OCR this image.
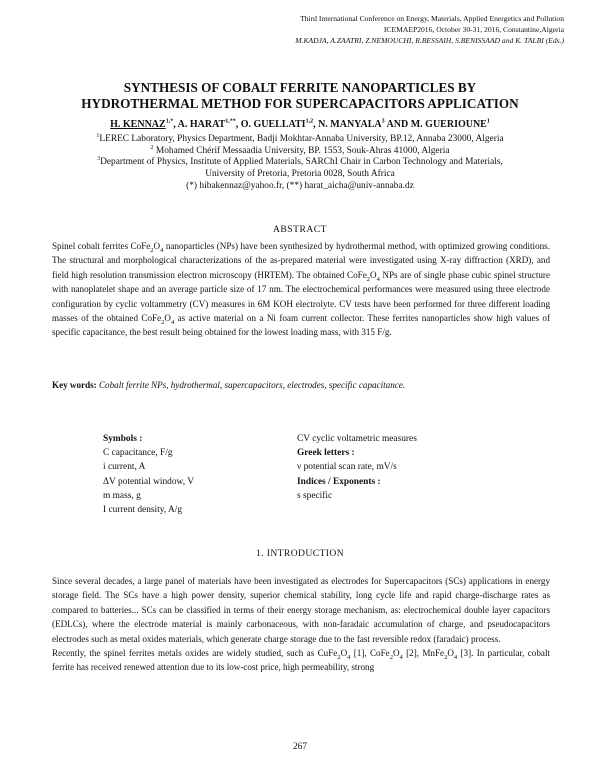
Third International Conference on Energy, Materials, Applied Energetics and Pollution
ICEMAEP2016, October 30-31, 2016, Constantine,Algeria
M.KADJA, A.ZAATRI, Z.NEMOUCHI, R.BESSAIH, S.BENISSAAD and K. TALBI (Eds.)
SYNTHESIS OF COBALT FERRITE NANOPARTICLES BY
HYDROTHERMAL METHOD FOR SUPERCAPACITORS APPLICATION
H. $KENNAZ^{1,*}$, A. $HARAT^{1,**}$, O. GUELLATI$^{1,2}$, N. MANYALA$^3$ AND M. GUERIOUNE$^1$
$^1$LEREC Laboratory, Physics Department, Badji Mokhtar-Annaba University, BP.12, Annaba 23000, Algeria
$^2$ Mohamed Chérif Messaadia University, BP. 1553, Souk-Ahras 41000, Algeria
$^3$Department of Physics, Institute of Applied Materials, SARChI Chair in Carbon Technology and Materials,
University of Pretoria, Pretoria 0028, South Africa
(*) hibakennaz@yahoo.fr, (**) harat_aicha@univ-annaba.dz
ABSTRACT
Spinel cobalt ferrites $CoFe_2O_4$ nanoparticles (NPs) have been synthesized by hydrothermal method, with optimized growing conditions. The structural and morphological characterizations of the as-prepared material were investigated using X-ray diffraction (XRD), and field high resolution transmission electron microscopy (HRTEM). The obtained $CoFe_2O_4$ NPs are of single phase cubic spinel structure with nanoplatelet shape and an average particle size of 17 nm. The electrochemical performances were measured using three electrode configuration by cyclic voltammetry (CV) measures in 6M KOH electrolyte. CV tests have been performed for three different loading masses of the obtained $CoFe_2O_4$ as active material on a Ni foam current collector. These ferrites nanoparticles show high values of specific capacitance, the best result being obtained for the lowest loading mass, with 315 F/g.
Key words: Cobalt ferrite NPs, hydrothermal, supercapacitors, electrodes, specific capacitance.
Symbols :
C capacitance, F/g
i current, A
ΔV potential window, V
m mass, g
I current density, A/g
CV cyclic voltametric measures
Greek letters :
ν potential scan rate, mV/s
Indices / Exponents :
s specific
1. INTRODUCTION

Since several decades, a large panel of materials have been investigated as electrodes for Supercapacitors (SCs) applications in energy storage field. The SCs have a high power density, superior chemical stability, long cycle life and rapid charge-discharge rates as compared to batteries... SCs can be classified in terms of their energy storage mechanism, as: electrochemical double layer capacitors (EDLCs), where the electrode material is mainly carbonaceous, with non-faradaic accumulation of charge, and pseudocapacitors electrodes such as metal oxides materials, which generate charge storage due to the fast reversible redox (faradaic) process.

Recently, the spinel ferrites metals oxides are widely studied, such as $CuFe_2O_4$ [1], $CoFe_2O_4$ [2], $MnFe_2O_4$ [3]. In particular, cobalt ferrite has received renewed attention due to its low-cost price, high permeability, strong

267
